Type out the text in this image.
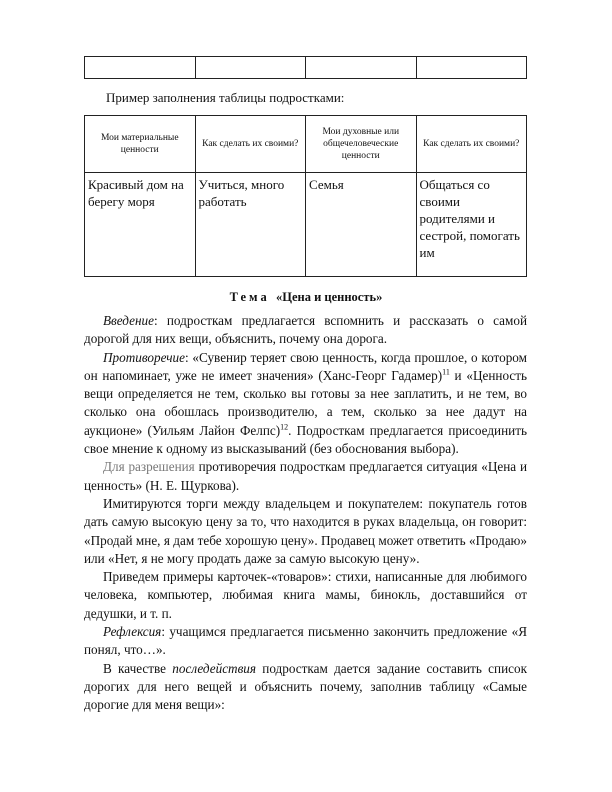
Пример заполнения таблицы подростками:
Мои материальные ценности	Как сделать их своими?	Мои духовные или общечеловеческие ценности	Как сделать их своими?
Красивый дом на берегу моря	Учиться, много работать	Семья	Общаться со своими родителями и сестрой, помогать им
Тема «Цена и ценность»

Введение: подросткам предлагается вспомнить и рассказать о самой дорогой для них вещи, объяснить, почему она дорога.

Противоречие: «Сувенир теряет свою ценность, когда прошлое, о котором он напоминает, уже не имеет значения» (Ханс-Георг Гадамер)$^{11}$ и «Ценность вещи определяется не тем, сколько вы готовы за нее заплатить, и не тем, во сколько она обошлась производителю, а тем, сколько за нее дадут на аукционе» (Уильям Лайон Фелпс)$^{12}$. Подросткам предлагается присоединить свое мнение к одному из высказываний (без обоснования выбора).

Для разрешения противоречия подросткам предлагается ситуация «Цена и ценность» (Н. Е. Щуркова).

Имитируются торги между владельцем и покупателем: покупатель готов дать самую высокую цену за то, что находится в руках владельца, он говорит: «Продай мне, я дам тебе хорошую цену». Продавец может ответить «Продаю» или «Нет, я не могу продать даже за самую высокую цену».

Приведем примеры карточек-«товаров»: стихи, написанные для любимого человека, компьютер, любимая книга мамы, бинокль, доставшийся от дедушки, и т. п.

Рефлексия: учащимся предлагается письменно закончить предложение «Я понял, что…».

В качестве последействия подросткам дается задание составить список дорогих для него вещей и объяснить почему, заполнив таблицу «Самые дорогие для меня вещи»:
